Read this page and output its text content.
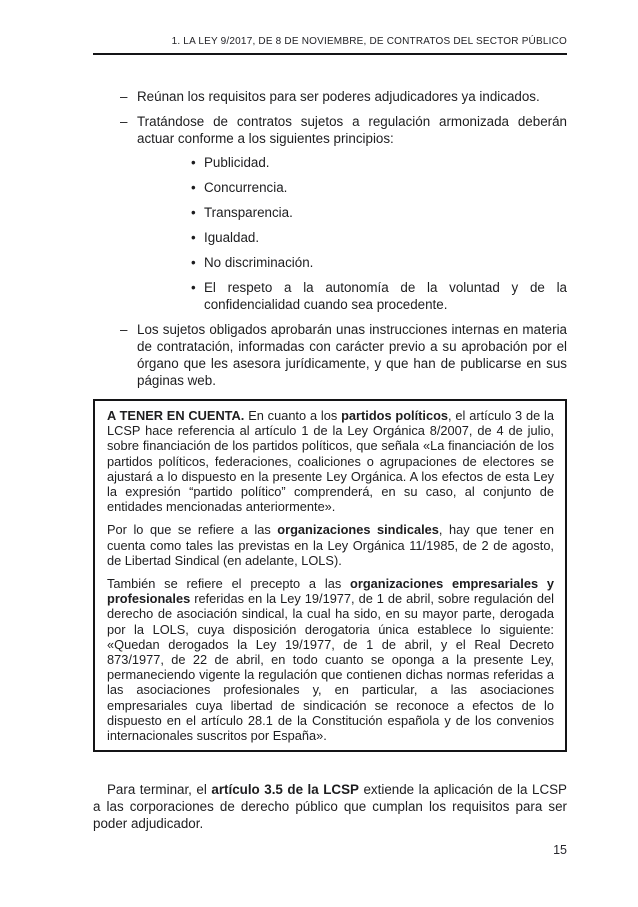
1. LA LEY 9/2017, DE 8 DE NOVIEMBRE, DE CONTRATOS DEL SECTOR PÚBLICO
– Reúnan los requisitos para ser poderes adjudicadores ya indicados.
– Tratándose de contratos sujetos a regulación armonizada deberán actuar conforme a los siguientes principios:
• Publicidad.
• Concurrencia.
• Transparencia.
• Igualdad.
• No discriminación.
• El respeto a la autonomía de la voluntad y de la confidencialidad cuando sea procedente.
– Los sujetos obligados aprobarán unas instrucciones internas en materia de contratación, informadas con carácter previo a su aprobación por el órgano que les asesora jurídicamente, y que han de publicarse en sus páginas web.

A TENER EN CUENTA. En cuanto a los partidos políticos, el artículo 3 de la LCSP hace referencia al artículo 1 de la Ley Orgánica 8/2007, de 4 de julio, sobre financiación de los partidos políticos, que señala «La financiación de los partidos políticos, federaciones, coaliciones o agrupaciones de electores se ajustará a lo dispuesto en la presente Ley Orgánica. A los efectos de esta Ley la expresión “partido político” comprenderá, en su caso, al conjunto de entidades mencionadas anteriormente».

Por lo que se refiere a las organizaciones sindicales, hay que tener en cuenta como tales las previstas en la Ley Orgánica 11/1985, de 2 de agosto, de Libertad Sindical (en adelante, LOLS).

También se refiere el precepto a las organizaciones empresariales y profesionales referidas en la Ley 19/1977, de 1 de abril, sobre regulación del derecho de asociación sindical, la cual ha sido, en su mayor parte, derogada por la LOLS, cuya disposición derogatoria única establece lo siguiente: «Quedan derogados la Ley 19/1977, de 1 de abril, y el Real Decreto 873/1977, de 22 de abril, en todo cuanto se oponga a la presente Ley, permaneciendo vigente la regulación que contienen dichas normas referidas a las asociaciones profesionales y, en particular, a las asociaciones empresariales cuya libertad de sindicación se reconoce a efectos de lo dispuesto en el artículo 28.1 de la Constitución española y de los convenios internacionales suscritos por España».

Para terminar, el artículo 3.5 de la LCSP extiende la aplicación de la LCSP a las corporaciones de derecho público que cumplan los requisitos para ser poder adjudicador.
15
